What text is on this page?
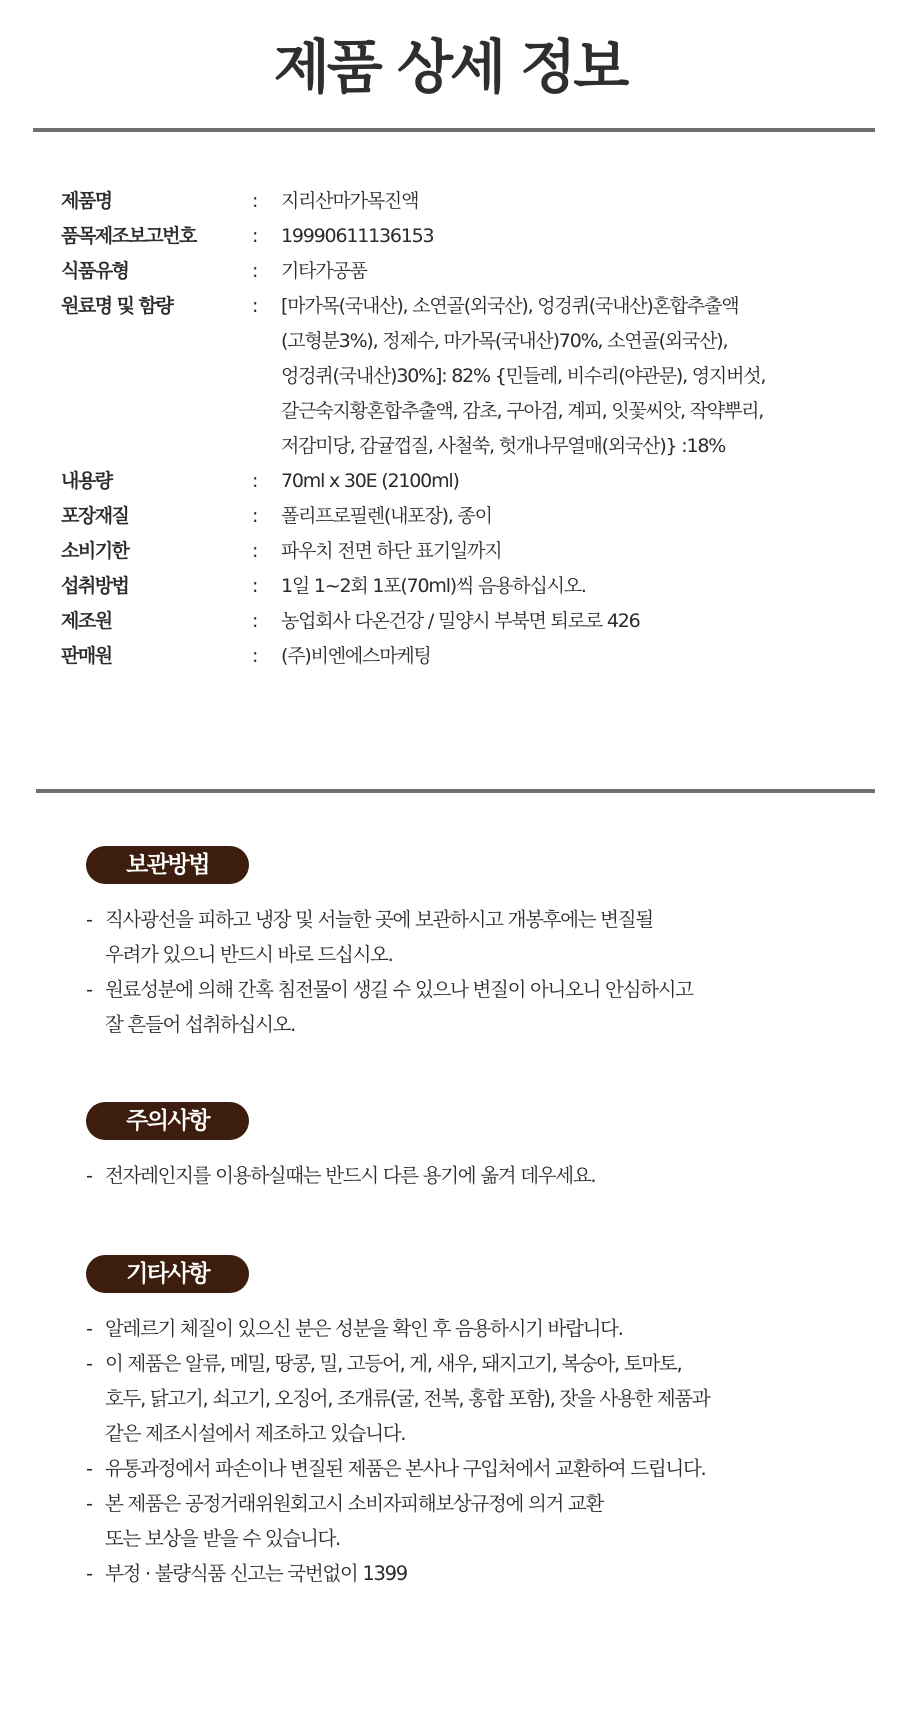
제품 상세 정보
제품명	: 지리산마가목진액
품목제조보고번호	: 19990611136153
식품유형	: 기타가공품
원료명 및 함량	: [마가목(국내산), 소연골(외국산), 엉겅퀴(국내산)혼합추출액
(고형분3%), 정제수, 마가목(국내산)70%, 소연골(외국산),
엉겅퀴(국내산)30%]: 82% {민들레, 비수리(야관문), 영지버섯,
갈근숙지황혼합추출액, 감초, 구아검, 계피, 잇꽃씨앗, 작약뿌리,
저감미당, 감귤껍질, 사철쑥, 헛개나무열매(외국산)} :18%
내용량	: 70ml x 30E (2100ml)
포장재질	: 폴리프로필렌(내포장), 종이
소비기한	: 파우치 전면 하단 표기일까지
섭취방법	: 1일 1~2회 1포(70ml)씩 음용하십시오.
제조원	: 농업회사 다온건강 / 밀양시 부북면 퇴로로 426
판매원	: (주)비엔에스마케팅
보관방법
- 직사광선을 피하고 냉장 및 서늘한 곳에 보관하시고 개봉후에는 변질될
우려가 있으니 반드시 바로 드십시오.
- 원료성분에 의해 간혹 침전물이 생길 수 있으나 변질이 아니오니 안심하시고
잘 흔들어 섭취하십시오.
주의사항
- 전자레인지를 이용하실때는 반드시 다른 용기에 옮겨 데우세요.
기타사항
- 알레르기 체질이 있으신 분은 성분을 확인 후 음용하시기 바랍니다.
- 이 제품은 알류, 메밀, 땅콩, 밀, 고등어, 게, 새우, 돼지고기, 복숭아, 토마토,
호두, 닭고기, 쇠고기, 오징어, 조개류(굴, 전복, 홍합 포함), 잣을 사용한 제품과
같은 제조시설에서 제조하고 있습니다.
- 유통과정에서 파손이나 변질된 제품은 본사나 구입처에서 교환하여 드립니다.
- 본 제품은 공정거래위원회고시 소비자피해보상규정에 의거 교환
또는 보상을 받을 수 있습니다.
- 부정 · 불량식품 신고는 국번없이 1399
